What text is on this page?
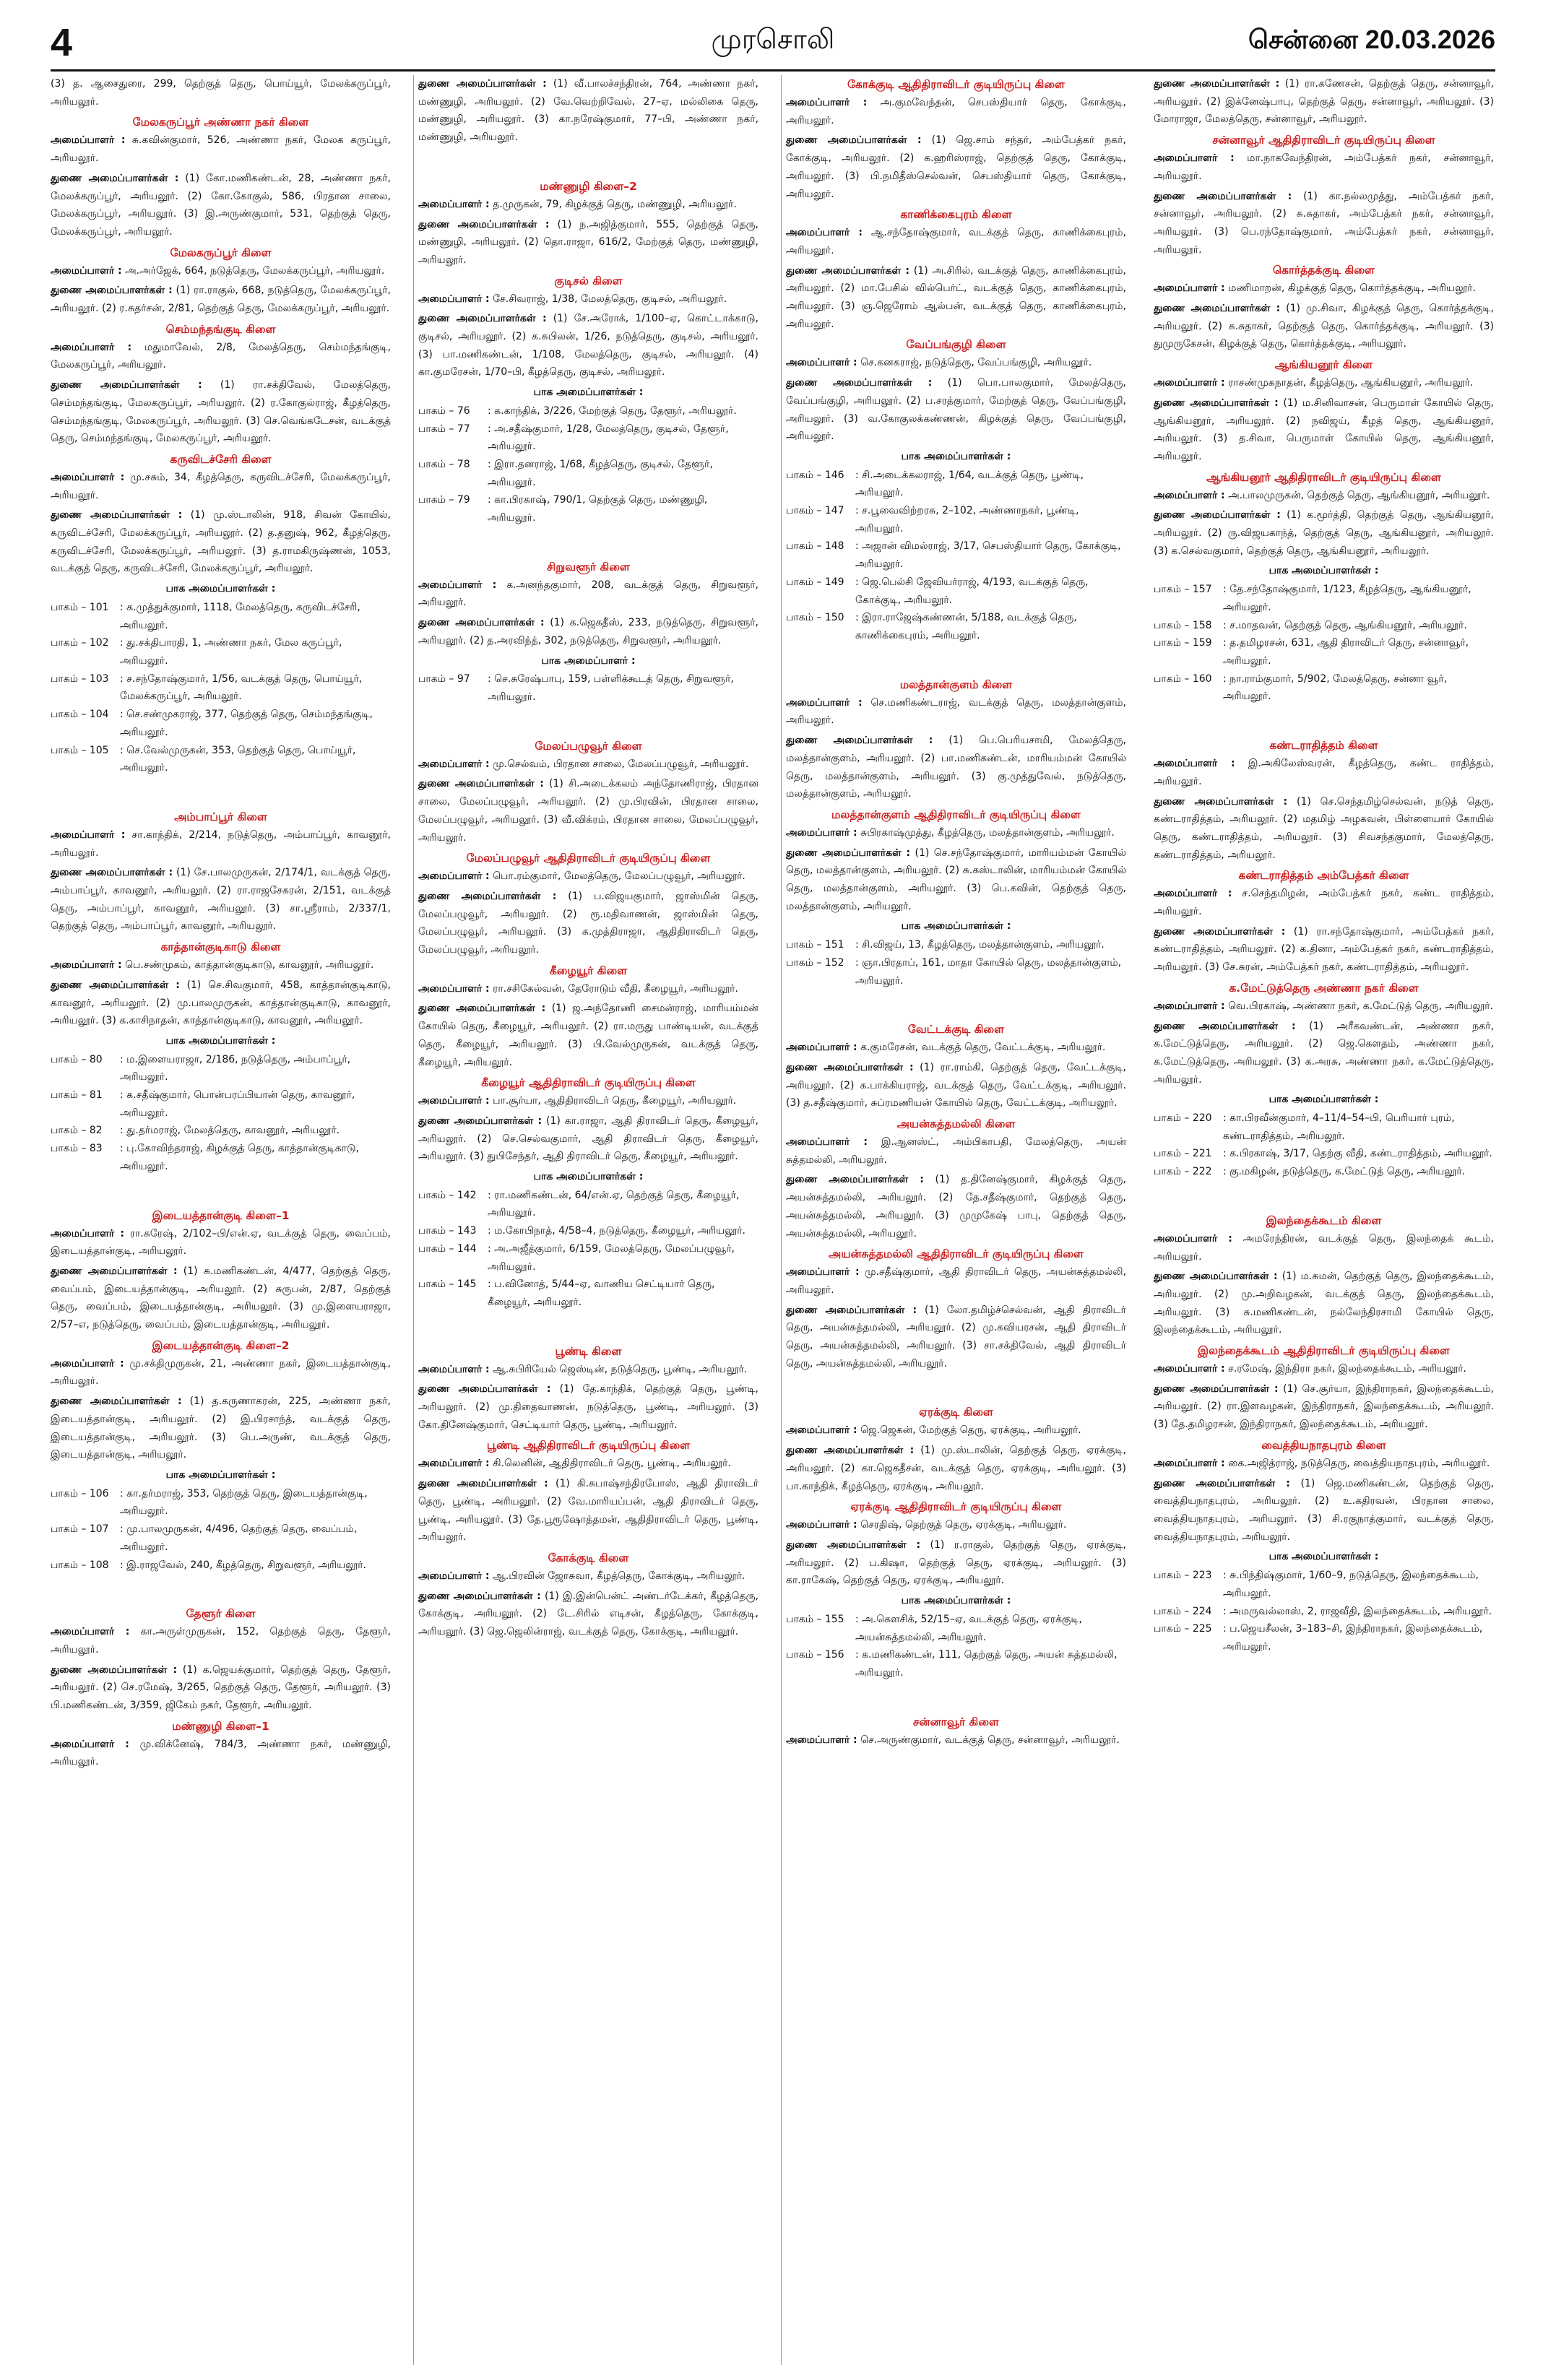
4	முரசொலி	சென்னை 20.03.2026

(3) த. ஆசைதுரை, 299, தெற்குத் தெரு, பொய்யூர், மேலக்கருப்பூர், அரியலூர்.

மேலகருப்பூர் அண்ணா நகர் கிளை

அமைப்பாளர் : சு.கவின்குமார், 526, அண்ணா நகர், மேலக கருப்பூர், அரியலூர்.

துணை அமைப்பாளர்கள் : (1) கோ.மணிகண்டன், 28, அண்ணா நகர், மேலக்கருப்பூர், அரியலூர். (2) கோ.கோகுல், 586, பிரதான சாலை, மேலக்கருப்பூர், அரியலூர். (3) இ.அருண்குமார், 531, தெற்குத் தெரு, மேலக்கருப்பூர், அரியலூர்.

மேலகருப்பூர் கிளை

அமைப்பாளர் : அ.அர்ஜேக், 664, நடுத்தெரு, மேலக்கருப்பூர், அரியலூர்.

துணை அமைப்பாளர்கள் : (1) ரா.ராகுல், 668, நடுத்தெரு, மேலக்கருப்பூர், அரியலூர். (2) ர.சுதர்சன், 2/81, தெற்குத் தெரு, மேலக்கருப்பூர், அரியலூர்.

செம்மந்தங்குடி கிளை

அமைப்பாளர் : மதுமாவேல், 2/8, மேலத்தெரு, செம்மந்தங்குடி, மேலகருப்பூர், அரியலூர்.

துணை அமைப்பாளர்கள் : (1) ரா.சக்திவேல், மேலத்தெரு, செம்மந்தங்குடி, மேலகருப்பூர், அரியலூர். (2) ர.கோகுல்ராஜ், கீழத்தெரு, செம்மந்தங்குடி, மேலகருப்பூர், அரியலூர். (3) செ.வெங்கடேசன், வடக்குத் தெரு, செம்மந்தங்குடி, மேலகருப்பூர், அரியலூர்.

கருவிடச்சேரி கிளை

அமைப்பாளர் : மு.சசும், 34, கீழத்தெரு, கருவிடச்சேரி, மேலக்கருப்பூர், அரியலூர்.

துணை அமைப்பாளர்கள் : (1) மு.ஸ்டாலின், 918, சிவன் கோயில், கருவிடச்சேரி, மேலக்கருப்பூர், அரியலூர். (2) த.தனுஷ், 962, கீழத்தெரு, கருவிடச்சேரி, மேலக்கருப்பூர், அரியலூர். (3) த.ராமகிருஷ்ணன், 1053, வடக்குத் தெரு, கருவிடச்சேரி, மேலக்கருப்பூர், அரியலூர்.

பாக அமைப்பாளர்கள் :

பாகம் – 101	: க.முத்துக்குமார், 1118, மேலத்தெரு, கருவிடச்சேரி, அரியலூர்.
பாகம் – 102	: து.சக்திபாரதி, 1, அண்ணா நகர், மேல கருப்பூர், அரியலூர்.
பாகம் – 103	: ச.சந்தோஷ்குமார், 1/56, வடக்குத் தெரு, பொய்யூர், மேலக்கருப்பூர், அரியலூர்.
பாகம் – 104	: செ.சண்முகராஜ், 377, தெற்குத் தெரு, செம்மந்தங்குடி, அரியலூர்.
பாகம் – 105	: செ.வேல்முருகன், 353, தெற்குத் தெரு, பொய்யூர், அரியலூர்.

அம்பாப்பூர் கிளை

அமைப்பாளர் : சா.காந்திக், 2/214, நடுத்தெரு, அம்பாப்பூர், காவனூர், அரியலூர்.

துணை அமைப்பாளர்கள் : (1) சே.பாலமுருகன், 2/174/1, வடக்குத் தெரு, அம்பாப்பூர், காவனூர், அரியலூர். (2) ரா.ராஜசேகரன், 2/151, வடக்குத் தெரு, அம்பாப்பூர், காவனூர், அரியலூர். (3) சா.ஸ்ரீராம், 2/337/1, தெற்குத் தெரு, அம்பாப்பூர், காவனூர், அரியலூர்.

காத்தான்குடிகாடு கிளை

அமைப்பாளர் : பெ.சண்முகம், காத்தான்குடிகாடு, காவனூர், அரியலூர்.

துணை அமைப்பாளர்கள் : (1) செ.சிவகுமார், 458, காத்தான்குடிகாடு, காவனூர், அரியலூர். (2) மு.பாலமுருகன், காத்தான்குடிகாடு, காவனூர், அரியலூர். (3) க.காசிநாதன், காத்தான்குடிகாடு, காவனூர், அரியலூர்.

பாக அமைப்பாளர்கள் :

பாகம் – 80	: ம.இளையராஜா, 2/186, நடுத்தெரு, அம்பாப்பூர், அரியலூர்.
பாகம் – 81	: க.சதீஷ்குமார், பொன்பரப்பியான் தெரு, காவனூர், அரியலூர்.
பாகம் – 82	: து.தர்மராஜ், மேலத்தெரு, காவனூர், அரியலூர்.
பாகம் – 83	: பு.கோவிந்தராஜ், கிழக்குத் தெரு, காத்தான்குடிகாடு, அரியலூர்.

இடையத்தான்குடி கிளை–1

அமைப்பாளர் : ரா.சுரேஷ், 2/102–பி/என்.ஏ, வடக்குத் தெரு, வைப்பம், இடையத்தான்குடி, அரியலூர்.

துணை அமைப்பாளர்கள் : (1) சு.மணிகண்டன், 4/477, தெற்குத் தெரு, வைப்பம், இடையத்தான்குடி, அரியலூர். (2) சுருபன், 2/87, தெற்குத் தெரு, வைப்பம், இடையத்தான்குடி, அரியலூர். (3) மு.இளையராஜா, 2/57–எ, நடுத்தெரு, வைப்பம், இடையத்தான்குடி, அரியலூர்.

இடையத்தான்குடி கிளை–2

அமைப்பாளர் : மு.சக்திமுருகன், 21, அண்ணா நகர், இடையத்தான்குடி, அரியலூர்.

துணை அமைப்பாளர்கள் : (1) த.கருணாகரன், 225, அண்ணா நகர், இடையத்தான்குடி, அரியலூர். (2) இ.பிரசாந்த், வடக்குத் தெரு, இடையத்தான்குடி, அரியலூர். (3) பெ.அருண், வடக்குத் தெரு, இடையத்தான்குடி, அரியலூர்.

பாக அமைப்பாளர்கள் :

பாகம் – 106	: கா.தர்மராஜ், 353, தெற்குத் தெரு, இடையத்தான்குடி, அரியலூர்.
பாகம் – 107	: மு.பாலமுருகன், 4/496, தெற்குத் தெரு, வைப்பம், அரியலூர்.
பாகம் – 108	: இ.ராஜவேல், 240, கீழத்தெரு, சிறுவளூர், அரியலூர்.

தேளூர் கிளை

அமைப்பாளர் : கா.அருள்முருகன், 152, தெற்குத் தெரு, தேளூர், அரியலூர்.

துணை அமைப்பாளர்கள் : (1) க.ஜெயக்குமார், தெற்குத் தெரு, தேளூர், அரியலூர். (2) செ.ரமேஷ், 3/265, தெற்குத் தெரு, தேளூர், அரியலூர். (3) பி.மணிகண்டன், 3/359, ஜிகேம் நகர், தேளூர், அரியலூர்.

மண்ணுழி கிளை–1

அமைப்பாளர் : மு.விக்னேஷ், 784/3, அண்ணா நகர், மண்ணுழி, அரியலூர்.

துணை அமைப்பாளர்கள் : (1) வீ.பாலச்சந்திரன், 764, அண்ணா நகர், மண்ணுழி, அரியலூர். (2) வே.வெற்றிவேல், 27–ஏ, மல்லிகை தெரு, மண்ணுழி, அரியலூர். (3) கா.நரேஷ்குமார், 77–பி, அண்ணா நகர், மண்ணுழி, அரியலூர்.

மண்ணுழி கிளை–2

அமைப்பாளர் : த.முருகன், 79, கிழக்குத் தெரு, மண்ணுழி, அரியலூர்.

துணை அமைப்பாளர்கள் : (1) ந.அஜித்குமார், 555, தெற்குத் தெரு, மண்ணுழி, அரியலூர். (2) தொ.ராஜா, 616/2, மேற்குத் தெரு, மண்ணுழி, அரியலூர்.

குடிசல் கிளை

அமைப்பாளர் : சே.சிவராஜ், 1/38, மேலத்தெரு, குடிசல், அரியலூர்.

துணை அமைப்பாளர்கள் : (1) சே.அரோக், 1/100–ஏ, கொட்டாக்காடு, குடிசல், அரியலூர். (2) க.சுபிலன், 1/26, நடுத்தெரு, குடிசல், அரியலூர். (3) பா.மணிகண்டன், 1/108, மேலத்தெரு, குடிசல், அரியலூர். (4) கா.குமரேசன், 1/70–பி, கீழத்தெரு, குடிசல், அரியலூர்.

பாக அமைப்பாளர்கள் :

பாகம் – 76	: க.காந்திக், 3/226, மேற்குத் தெரு, தேளூர், அரியலூர்.
பாகம் – 77	: அ.சதீஷ்குமார், 1/28, மேலத்தெரு, குடிசல், தேளூர், அரியலூர்.
பாகம் – 78	: இரா.தனராஜ், 1/68, கீழத்தெரு, குடிசல், தேளூர், அரியலூர்.
பாகம் – 79	: கா.பிரகாஷ், 790/1, தெற்குத் தெரு, மண்ணுழி, அரியலூர்.

சிறுவளூர் கிளை

அமைப்பாளர் : க.அனந்தகுமார், 208, வடக்குத் தெரு, சிறுவளூர், அரியலூர்.

துணை அமைப்பாளர்கள் : (1) க.ஜெகதீஸ், 233, நடுத்தெரு, சிறுவளூர், அரியலூர். (2) த.அரவிந்த், 302, நடுத்தெரு, சிறுவளூர், அரியலூர்.

பாக அமைப்பாளர் :

பாகம் – 97	: செ.சுரேஷ்பாபு, 159, பள்ளிக்கூடத் தெரு, சிறுவளூர், அரியலூர்.

மேலப்பழுவூர் கிளை

அமைப்பாளர் : மு.செல்வம், பிரதான சாலை, மேலப்பழுவூர், அரியலூர்.

துணை அமைப்பாளர்கள் : (1) சி.அடைக்கலம் அந்தோணிராஜ், பிரதான சாலை, மேலப்பழுவூர், அரியலூர். (2) மு.பிரவின், பிரதான சாலை, மேலப்பழுவூர், அரியலூர். (3) வீ.விக்ரம், பிரதான சாலை, மேலப்பழுவூர், அரியலூர்.

மேலப்பழுவூர் ஆதிதிராவிடர் குடியிருப்பு கிளை

அமைப்பாளர் : பொ.ரம்குமார், மேலத்தெரு, மேலப்பழுவூர், அரியலூர்.

துணை அமைப்பாளர்கள் : (1) ப.விஜயகுமார், ஜாஸ்மின் தெரு, மேலப்பழுவூர், அரியலூர். (2) ரூ.மதிவாணன், ஜாஸ்மின் தெரு, மேலப்பழுவூர், அரியலூர். (3) க.முத்திராஜா, ஆதிதிராவிடர் தெரு, மேலப்பழுவூர், அரியலூர்.

கீழையூர் கிளை

அமைப்பாளர் : ரா.சசிகேல்வன், தேரோடும் வீதி, கீழையூர், அரியலூர்.

துணை அமைப்பாளர்கள் : (1) ஜ.அந்தோணி சைமன்ராஜ், மாரியம்மன் கோயில் தெரு, கீழையூர், அரியலூர். (2) ரா.மருது பாண்டியன், வடக்குத் தெரு, கீழையூர், அரியலூர். (3) பி.வேல்முருகன், வடக்குத் தெரு, கீழையூர், அரியலூர்.

கீழையூர் ஆதிதிராவிடர் குடியிருப்பு கிளை

அமைப்பாளர் : பா.சூர்யா, ஆதிதிராவிடர் தெரு, கீழையூர், அரியலூர்.

துணை அமைப்பாளர்கள் : (1) கா.ராஜா, ஆதி திராவிடர் தெரு, கீழையூர், அரியலூர். (2) செ.செல்வகுமார், ஆதி திராவிடர் தெரு, கீழையூர், அரியலூர். (3) துபிசேந்தர், ஆதி திராவிடர் தெரு, கீழையூர், அரியலூர்.

பாக அமைப்பாளர்கள் :

பாகம் – 142	: ரா.மணிகண்டன், 64/என்.ஏ, தெற்குத் தெரு, கீழையூர், அரியலூர்.
பாகம் – 143	: ம.கோபிநாத், 4/58–4, நடுத்தெரு, கீழையூர், அரியலூர்.
பாகம் – 144	: அ.அஜீத்குமார், 6/159, மேலத்தெரு, மேலப்பழுவூர், அரியலூர்.
பாகம் – 145	: ப.வினோத், 5/44–ஏ, வாணிய செட்டியார் தெரு, கீழையூர், அரியலூர்.

பூண்டி கிளை

அமைப்பாளர் : ஆ.சுபிரியேல் ஜெஸ்டின், நடுத்தெரு, பூண்டி, அரியலூர்.

துணை அமைப்பாளர்கள் : (1) தே.காந்திக், தெற்குத் தெரு, பூண்டி, அரியலூர். (2) மு.திதைவாணன், நடுத்தெரு, பூண்டி, அரியலூர். (3) கோ.தினேஷ்குமார், செட்டியார் தெரு, பூண்டி, அரியலூர்.

பூண்டி ஆதிதிராவிடர் குடியிருப்பு கிளை

அமைப்பாளர் : கி.லெனின், ஆதிதிராவிடர் தெரு, பூண்டி, அரியலூர்.

துணை அமைப்பாளர்கள் : (1) கி.சுபாஷ்சந்திரபோஸ், ஆதி திராவிடர் தெரு, பூண்டி, அரியலூர். (2) வே.மாரியப்பன், ஆதி திராவிடர் தெரு, பூண்டி, அரியலூர். (3) தே.பூரூஷோத்தமன், ஆதிதிராவிடர் தெரு, பூண்டி, அரியலூர்.

கோக்குடி கிளை

அமைப்பாளர் : ஆ.பிரவின் ஜோசுவா, கீழத்தெரு, கோக்குடி, அரியலூர்.

துணை அமைப்பாளர்கள் : (1) இ.இன்பென்ட் அண்டர்டேக்கர், கீழத்தெரு, கோக்குடி, அரியலூர். (2) டே.சிரில் எடிசன், கீழத்தெரு, கோக்குடி, அரியலூர். (3) ஜெ.ஜெலின்ராஜ், வடக்குத் தெரு, கோக்குடி, அரியலூர்.

கோக்குடி ஆதிதிராவிடர் குடியிருப்பு கிளை

அமைப்பாளர் : அ.குமவேந்தன், செபஸ்தியார் தெரு, கோக்குடி, அரியலூர்.

துணை அமைப்பாளர்கள் : (1) ஜெ.சாம் சந்தர், அம்பேத்கர் நகர், கோக்குடி, அரியலூர். (2) க.ஹரிஸ்ராஜ், தெற்குத் தெரு, கோக்குடி, அரியலூர். (3) பி.நமிதீஸ்செல்வன், செபஸ்தியார் தெரு, கோக்குடி, அரியலூர்.

காணிக்கைபுரம் கிளை

அமைப்பாளர் : ஆ.சந்தோஷ்குமார், வடக்குத் தெரு, காணிக்கைபுரம், அரியலூர்.

துணை அமைப்பாளர்கள் : (1) அ.சிரில், வடக்குத் தெரு, காணிக்கைபுரம், அரியலூர். (2) மா.பேசில் வில்பெர்ட், வடக்குத் தெரு, காணிக்கைபுரம், அரியலூர். (3) ஞ.ஜெரோம் ஆல்பன், வடக்குத் தெரு, காணிக்கைபுரம், அரியலூர்.

வேப்பங்குழி கிளை

அமைப்பாளர் : செ.கனகராஜ், நடுத்தெரு, வேப்பங்குழி, அரியலூர்.

துணை அமைப்பாளர்கள் : (1) பொ.பாலகுமார், மேலத்தெரு, வேப்பங்குழி, அரியலூர். (2) ப.சரத்குமார், மேற்குத் தெரு, வேப்பங்குழி, அரியலூர். (3) வ.கோகுலக்கண்ணன், கிழக்குத் தெரு, வேப்பங்குழி, அரியலூர்.

பாக அமைப்பாளர்கள் :

பாகம் – 146	: சி.அடைக்கலராஜ், 1/64, வடக்குத் தெரு, பூண்டி, அரியலூர்.
பாகம் – 147	: ச.பூவைவிற்றரசு, 2–102, அண்ணாநகர், பூண்டி, அரியலூர்.
பாகம் – 148	: அஜான் விமல்ராஜ், 3/17, செபஸ்தியார் தெரு, கோக்குடி, அரியலூர்.
பாகம் – 149	: ஜெ.பெல்சி ஜேவியர்ராஜ், 4/193, வடக்குத் தெரு, கோக்குடி, அரியலூர்.
பாகம் – 150	: இரா.ராஜேஷ்கண்ணன், 5/188, வடக்குத் தெரு, காணிக்கைபுரம், அரியலூர்.

மலத்தான்குளம் கிளை

அமைப்பாளர் : செ.மணிகண்டராஜ், வடக்குத் தெரு, மலத்தான்குளம், அரியலூர்.

துணை அமைப்பாளர்கள் : (1) பெ.பெரியசாமி, மேலத்தெரு, மலத்தான்குளம், அரியலூர். (2) பா.மணிகண்டன், மாரியம்மன் கோயில் தெரு, மலத்தான்குளம், அரியலூர். (3) கு.முத்துவேல், நடுத்தெரு, மலத்தான்குளம், அரியலூர்.

மலத்தான்குளம் ஆதிதிராவிடர் குடியிருப்பு கிளை

அமைப்பாளர் : சுபிரகாஷ்முத்து, கீழத்தெரு, மலத்தான்குளம், அரியலூர்.

துணை அமைப்பாளர்கள் : (1) செ.சந்தோஷ்குமார், மாரியம்மன் கோயில் தெரு, மலத்தான்குளம், அரியலூர். (2) சு.கஸ்டாலின், மாரியம்மன் கோயில் தெரு, மலத்தான்குளம், அரியலூர். (3) பெ.கவின், தெற்குத் தெரு, மலத்தான்குளம், அரியலூர்.

பாக அமைப்பாளர்கள் :

பாகம் – 151	: சி.விஜய், 13, கீழத்தெரு, மலத்தான்குளம், அரியலூர்.
பாகம் – 152	: ஞா.பிரதாப், 161, மாதா கோயில் தெரு, மலத்தான்குளம், அரியலூர்.

வேட்டக்குடி கிளை

அமைப்பாளர் : க.குமரேசன், வடக்குத் தெரு, வேட்டக்குடி, அரியலூர்.

துணை அமைப்பாளர்கள் : (1) ரா.ராம்கி, தெற்குத் தெரு, வேட்டக்குடி, அரியலூர். (2) க.பாக்கியராஜ், வடக்குத் தெரு, வேட்டக்குடி, அரியலூர். (3) த.சதீஷ்குமார், சுப்ரமணியன் கோயில் தெரு, வேட்டக்குடி, அரியலூர்.

அயன்சுத்தமல்லி கிளை

அமைப்பாளர் : இ.ஆனஸ்ட், அம்பிகாபதி, மேலத்தெரு, அயன் சுத்தமல்லி, அரியலூர்.

துணை அமைப்பாளர்கள் : (1) த.தினேஷ்குமார், கிழக்குத் தெரு, அயன்சுத்தமல்லி, அரியலூர். (2) தே.சதீஷ்குமார், தெற்குத் தெரு, அயன்சுத்தமல்லி, அரியலூர். (3) முமுகேஷ் பாபு, தெற்குத் தெரு, அயன்சுத்தமல்லி, அரியலூர்.

அயன்சுத்தமல்லி ஆதிதிராவிடர் குடியிருப்பு கிளை

அமைப்பாளர் : மு.சதீஷ்குமார், ஆதி திராவிடர் தெரு, அயன்சுத்தமல்லி, அரியலூர்.

துணை அமைப்பாளர்கள் : (1) லோ.தமிழ்ச்செல்வன், ஆதி திராவிடர் தெரு, அயன்சுத்தமல்லி, அரியலூர். (2) மு.கவியரசன், ஆதி திராவிடர் தெரு, அயன்சுத்தமல்லி, அரியலூர். (3) சா.சக்திவேல், ஆதி திராவிடர் தெரு, அயன்சுத்தமல்லி, அரியலூர்.

ஏரக்குடி கிளை

அமைப்பாளர் : ஜெ.ஜெகன், மேற்குத் தெரு, ஏரக்குடி, அரியலூர்.

துணை அமைப்பாளர்கள் : (1) மு.ஸ்டாலின், தெற்குத் தெரு, ஏரக்குடி, அரியலூர். (2) கா.ஜெகதீசன், வடக்குத் தெரு, ஏரக்குடி, அரியலூர். (3) பா.காந்திக், கீழத்தெரு, ஏரக்குடி, அரியலூர்.

ஏரக்குடி ஆதிதிராவிடர் குடியிருப்பு கிளை

அமைப்பாளர் : செரதிஷ், தெற்குத் தெரு, ஏரக்குடி, அரியலூர்.

துணை அமைப்பாளர்கள் : (1) ர.ராகுல், தெற்குத் தெரு, ஏரக்குடி, அரியலூர். (2) ப.கிஷா, தெற்குத் தெரு, ஏரக்குடி, அரியலூர். (3) கா.ராகேஷ், தெற்குத் தெரு, ஏரக்குடி, அரியலூர்.

பாக அமைப்பாளர்கள் :

பாகம் – 155	: அ.கௌசிக், 52/15–ஏ, வடக்குத் தெரு, ஏரக்குடி, அயன்சுத்தமல்லி, அரியலூர்.
பாகம் – 156	: க.மணிகண்டன், 111, தெற்குத் தெரு, அயன் சுத்தமல்லி, அரியலூர்.

சன்னாவூர் கிளை

அமைப்பாளர் : செ.அருண்குமார், வடக்குத் தெரு, சன்னாவூர், அரியலூர்.

துணை அமைப்பாளர்கள் : (1) ரா.கணேசன், தெற்குத் தெரு, சன்னாவூர், அரியலூர். (2) இக்னேஷ்பாபு, தெற்குத் தெரு, சன்னாவூர், அரியலூர். (3) மோராஜா, மேலத்தெரு, சன்னாவூர், அரியலூர்.

சன்னாவூர் ஆதிதிராவிடர் குடியிருப்பு கிளை

அமைப்பாளர் : மா.நாகவேந்திரன், அம்பேத்கர் நகர், சன்னாவூர், அரியலூர்.

துணை அமைப்பாளர்கள் : (1) கா.நல்லமுத்து, அம்பேத்கர் நகர், சன்னாவூர், அரியலூர். (2) சு.சுதாகர், அம்பேத்கர் நகர், சன்னாவூர், அரியலூர். (3) பெ.ரந்தோஷ்குமார், அம்பேத்கர் நகர், சன்னாவூர், அரியலூர்.

கொர்த்தக்குடி கிளை

அமைப்பாளர் : மணிமாறன், கிழக்குத் தெரு, கொர்த்தக்குடி, அரியலூர்.

துணை அமைப்பாளர்கள் : (1) மு.சிவா, கிழக்குத் தெரு, கொர்த்தக்குடி, அரியலூர். (2) சு.சுதாகர், தெற்குத் தெரு, கொர்த்தக்குடி, அரியலூர். (3) துமுருகேசன், கிழக்குத் தெரு, கொர்த்தக்குடி, அரியலூர்.

ஆங்கியனூர் கிளை

அமைப்பாளர் : ராசண்முகநாதன், கீழத்தெரு, ஆங்கியனூர், அரியலூர்.

துணை அமைப்பாளர்கள் : (1) ம.சினிவாசன், பெருமாள் கோயில் தெரு, ஆங்கியனூர், அரியலூர். (2) நவிஜய், கீழத் தெரு, ஆங்கியனூர், அரியலூர். (3) த.சிவா, பெருமாள் கோயில் தெரு, ஆங்கியனூர், அரியலூர்.

ஆங்கியனூர் ஆதிதிராவிடர் குடியிருப்பு கிளை

அமைப்பாளர் : அ.பாலமுருகன், தெற்குத் தெரு, ஆங்கியனூர், அரியலூர்.

துணை அமைப்பாளர்கள் : (1) க.மூர்த்தி, தெற்குத் தெரு, ஆங்கியனூர், அரியலூர். (2) ரு.விஜயகாந்த், தெற்குத் தெரு, ஆங்கியனூர், அரியலூர். (3) க.செல்வகுமார், தெற்குத் தெரு, ஆங்கியனூர், அரியலூர்.

பாக அமைப்பாளர்கள் :

பாகம் – 157	: தே.சந்தோஷ்குமார், 1/123, கீழத்தெரு, ஆங்கியனூர், அரியலூர்.
பாகம் – 158	: ச.மாதவன், தெற்குத் தெரு, ஆங்கியனூர், அரியலூர்.
பாகம் – 159	: த.தமிழரசன், 631, ஆதி திராவிடர் தெரு, சன்னாவூர், அரியலூர்.
பாகம் – 160	: நா.ராம்குமார், 5/902, மேலத்தெரு, சன்னா வூர், அரியலூர்.

கண்டராதித்தம் கிளை

அமைப்பாளர் : இ.அகிலேஸ்வரன், கீழத்தெரு, கண்ட ராதித்தம், அரியலூர்.

துணை அமைப்பாளர்கள் : (1) செ.செந்தமிழ்செல்வன், நடுத் தெரு, கண்டராதித்தம், அரியலூர். (2) மதமிழ் அழகவன், பிள்ளையார் கோயில் தெரு, கண்டராதித்தம், அரியலூர். (3) சிவசந்தகுமார், மேலத்தெரு, கண்டராதித்தம், அரியலூர்.

கண்டராதித்தம் அம்பேத்கர் கிளை

அமைப்பாளர் : ச.செந்தமிழன், அம்பேத்கர் நகர், கண்ட ராதித்தம், அரியலூர்.

துணை அமைப்பாளர்கள் : (1) ரா.சந்தோஷ்குமார், அம்பேத்கர் நகர், கண்டராதித்தம், அரியலூர். (2) க.தினா, அம்பேத்கர் நகர், கண்டராதித்தம், அரியலூர். (3) சே.சுரன், அம்பேத்கர் நகர், கண்டராதித்தம், அரியலூர்.

க.மேட்டுத்தெரு அண்ணா நகர் கிளை

அமைப்பாளர் : வெ.பிரகாஷ், அண்ணா நகர், க.மேட்டுத் தெரு, அரியலூர்.

துணை அமைப்பாளர்கள் : (1) அரீகவண்டன், அண்ணா நகர், க.மேட்டுத்தெரு, அரியலூர். (2) ஜெ.கௌதம், அண்ணா நகர், க.மேட்டுத்தெரு, அரியலூர். (3) க.அரசு, அண்ணா நகர், க.மேட்டுத்தெரு, அரியலூர்.

பாக அமைப்பாளர்கள் :

பாகம் – 220	: கா.பிரவீன்குமார், 4–11/4–54–பி, பெரியார் புரம், கண்டராதித்தம், அரியலூர்.
பாகம் – 221	: க.பிரகாஷ், 3/17, தெற்கு வீதி, கண்டராதித்தம், அரியலூர்.
பாகம் – 222	: கு.மகிழன், நடுத்தெரு, க.மேட்டுத் தெரு, அரியலூர்.

இலந்தைக்கூடம் கிளை

அமைப்பாளர் : அமரேந்திரன், வடக்குத் தெரு, இலந்தைக் கூடம், அரியலூர்.

துணை அமைப்பாளர்கள் : (1) ம.சுமன், தெற்குத் தெரு, இலந்தைக்கூடம், அரியலூர். (2) மு.அறிவழகன், வடக்குத் தெரு, இலந்தைக்கூடம், அரியலூர். (3) சு.மணிகண்டன், நல்லேந்திரசாமி கோயில் தெரு, இலந்தைக்கூடம், அரியலூர்.

இலந்தைக்கூடம் ஆதிதிராவிடர் குடியிருப்பு கிளை

அமைப்பாளர் : ச.ரமேஷ், இந்திரா நகர், இலந்தைக்கூடம், அரியலூர்.

துணை அமைப்பாளர்கள் : (1) செ.சூர்யா, இந்திராநகர், இலந்தைக்கூடம், அரியலூர். (2) ரா.இளவழகன், இந்திராநகர், இலந்தைக்கூடம், அரியலூர். (3) தே.தமிழரசன், இந்திராநகர், இலந்தைக்கூடம், அரியலூர்.

வைத்தியநாதபுரம் கிளை

அமைப்பாளர் : கை.அஜித்ராஜ், நடுத்தெரு, வைத்தியநாதபுரம், அரியலூர்.

துணை அமைப்பாளர்கள் : (1) ஜெ.மணிகண்டன், தெற்குத் தெரு, வைத்தியநாதபுரம், அரியலூர். (2) உ.கதிரவன், பிரதான சாலை, வைத்தியநாதபுரம், அரியலூர். (3) சி.ரகுநாத்குமார், வடக்குத் தெரு, வைத்தியநாதபுரம், அரியலூர்.

பாக அமைப்பாளர்கள் :

பாகம் – 223	: சு.பிந்திஷ்குமார், 1/60–9, நடுத்தெரு, இலந்தைக்கூடம், அரியலூர்.
பாகம் – 224	: அமருவல்லாஸ், 2, ராஜவீதி, இலந்தைக்கூடம், அரியலூர்.
பாகம் – 225	: ப.ஜெயசீலன், 3–183–சி, இந்திராநகர், இலந்தைக்கூடம், அரியலூர்.
